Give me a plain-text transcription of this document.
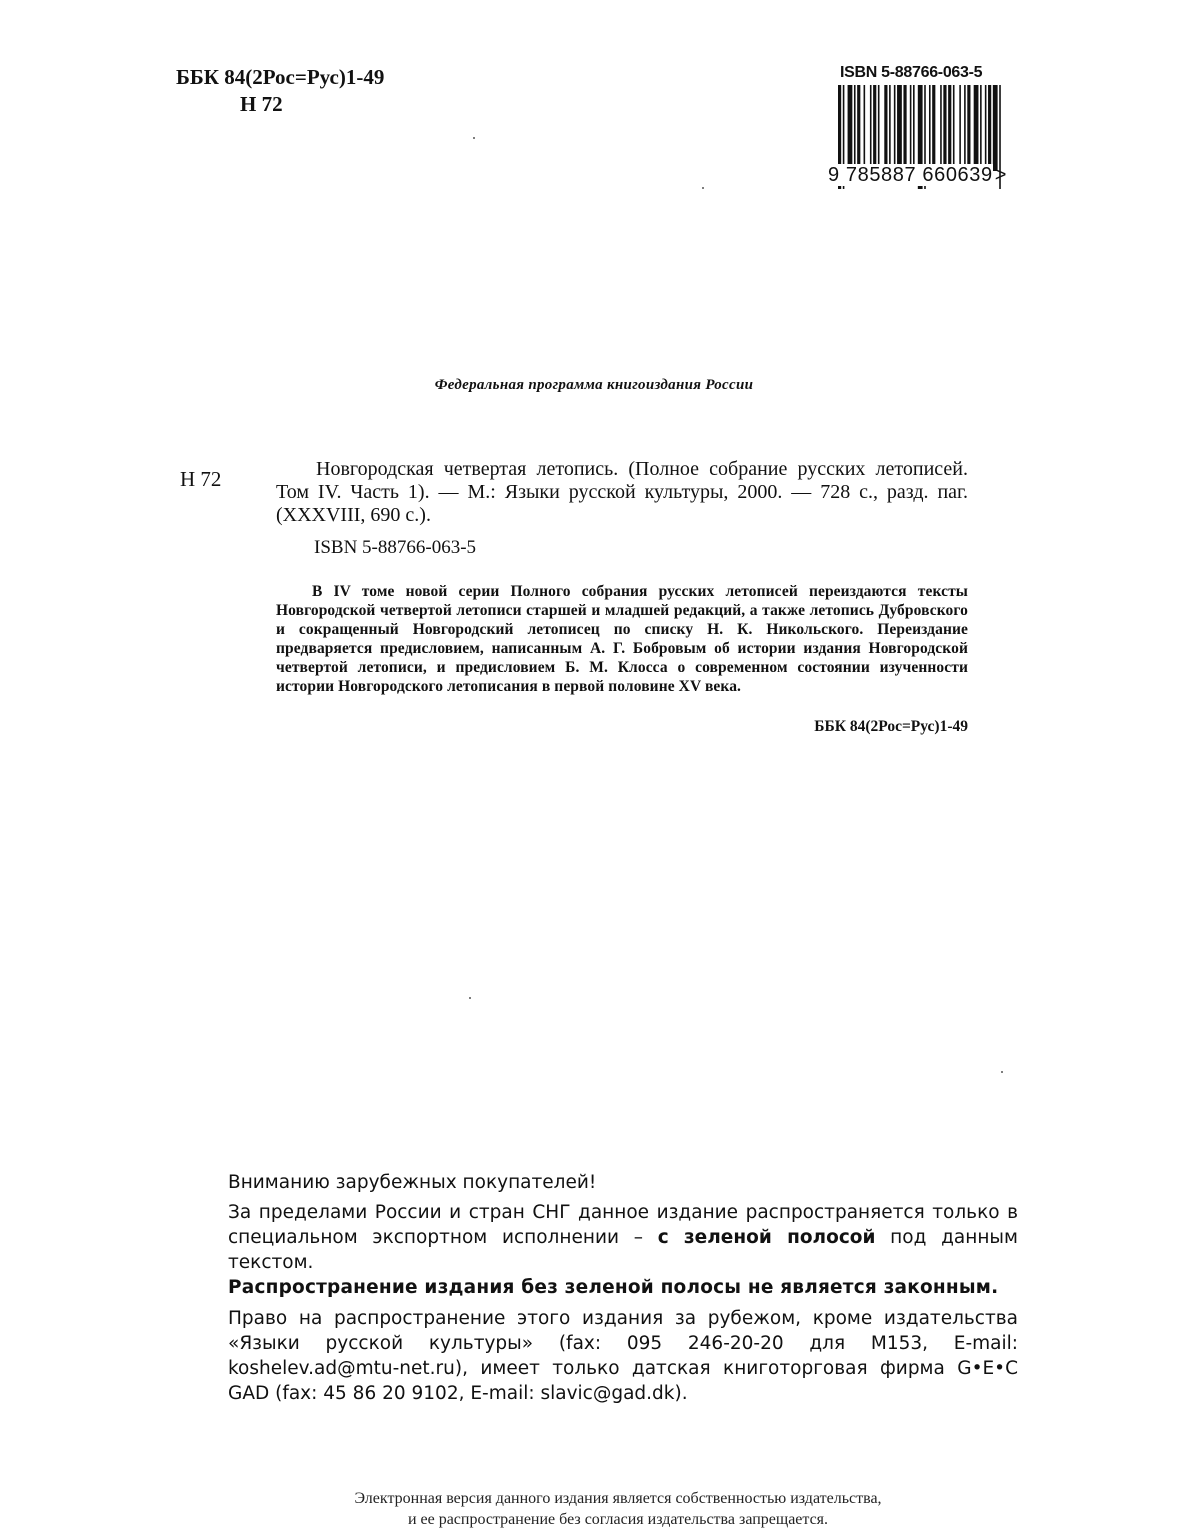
ББК 84(2Рос=Рус)1-49
Н 72
ISBN 5-88766-063-5
9 785887 660639 >
Федеральная программа книгоиздания России
Н 72	Новгородская четвертая летопись. (Полное собрание русских летописей. Том IV. Часть 1). — М.: Языки русской культуры, 2000. — 728 с., разд. паг. (XXXVIII, 690 с.).
ISBN 5-88766-063-5
В IV томе новой серии Полного собрания русских летописей переиздаются тексты Новгородской четвертой летописи старшей и младшей редакций, а также летопись Дубровского и сокращенный Новгородский летописец по списку Н. К. Никольского. Переиздание предваряется предисловием, написанным А. Г. Бобровым об истории издания Новгородской четвертой летописи, и предисловием Б. М. Клосса о современном состоянии изученности истории Новгородского летописания в первой половине XV века.
ББК 84(2Рос=Рус)1-49

Вниманию зарубежных покупателей!

За пределами России и стран СНГ данное издание распространяется только в специальном экспортном исполнении – с зеленой полосой под данным текстом.

Распространение издания без зеленой полосы не является законным.

Право на распространение этого издания за рубежом, кроме издательства «Языки русской культуры» (fax: 095 246-20-20 для M153, E-mail: koshelev.ad@mtu-net.ru), имеет только датская книготорговая фирма G•E•C GAD (fax: 45 86 20 9102, E-mail: slavic@gad.dk).

Электронная версия данного издания является собственностью издательства,
и ее распространение без согласия издательства запрещается.
